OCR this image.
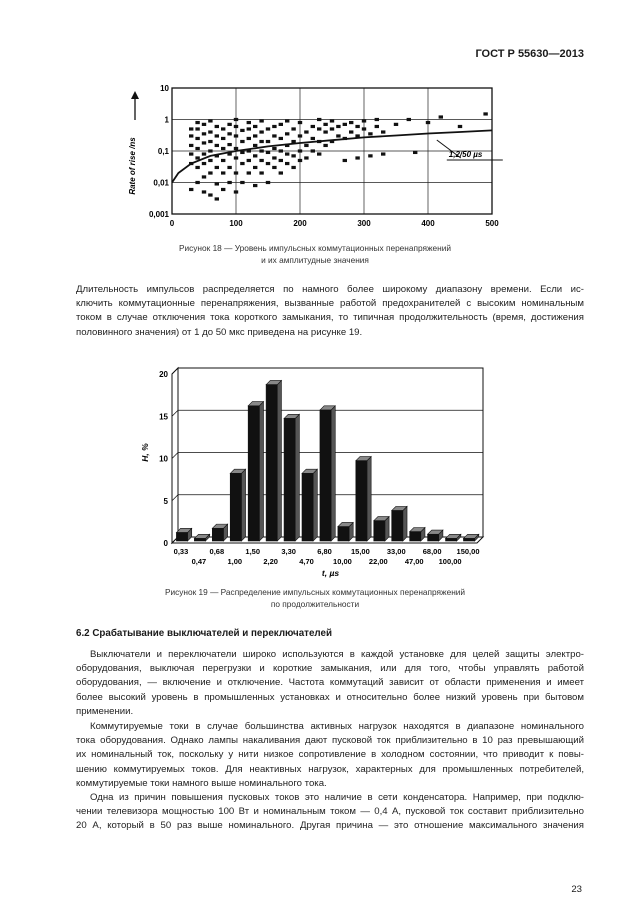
ГОСТ Р 55630—2013
0	100	200	300	400	500
0,001
0,01
0,1
1
10
Rate of rise /ns	1,2/50 µs
Рисунок 18 — Уровень импульсных коммутационных перенапряжений
и их амплитудные значения
Длительность импульсов распределяется по намного более широкому диапазону времени. Если ис-
ключить коммутационные перенапряжения, вызванные работой предохранителей с высоким номинальным
током в случае отключения тока короткого замыкания, то типичная продолжительность (время, достижения
половинного значения) от 1 до 50 мкс приведена на рисунке 19.
0
5
10
15
20
0,33
0,47
0,68
1,00
1,50
2,20
3,30
4,70
6,80
10,00
15,00
22,00
33,00
47,00
68,00
100,00
150,00
H, %
t, µs
Рисунок 19 — Распределение импульсных коммутационных перенапряжений
по продолжительности
6.2 Срабатывание выключателей и переключателей
Выключатели и переключатели широко используются в каждой установке для целей защиты электро-
оборудования, выключая перегрузки и короткие замыкания, или для того, чтобы управлять работой
оборудования, — включение и отключение. Частота коммутаций зависит от области применения и имеет
более высокий уровень в промышленных установках и относительно более низкий уровень при бытовом
применении.
Коммутируемые токи в случае большинства активных нагрузок находятся в диапазоне номинального
тока оборудования. Однако лампы накаливания дают пусковой ток приблизительно в 10 раз превышающий
их номинальный ток, поскольку у нити низкое сопротивление в холодном состоянии, что приводит к повы-
шению коммутируемых токов. Для неактивных нагрузок, характерных для промышленных потребителей,
коммутируемые токи намного выше номинального тока.
Одна из причин повышения пусковых токов это наличие в сети конденсатора. Например, при подклю-
чении телевизора мощностью 100 Вт и номинальным током — 0,4 А, пусковой ток составит приблизительно
20 А, который в 50 раз выше номинального. Другая причина — это отношение максимального значения
23
